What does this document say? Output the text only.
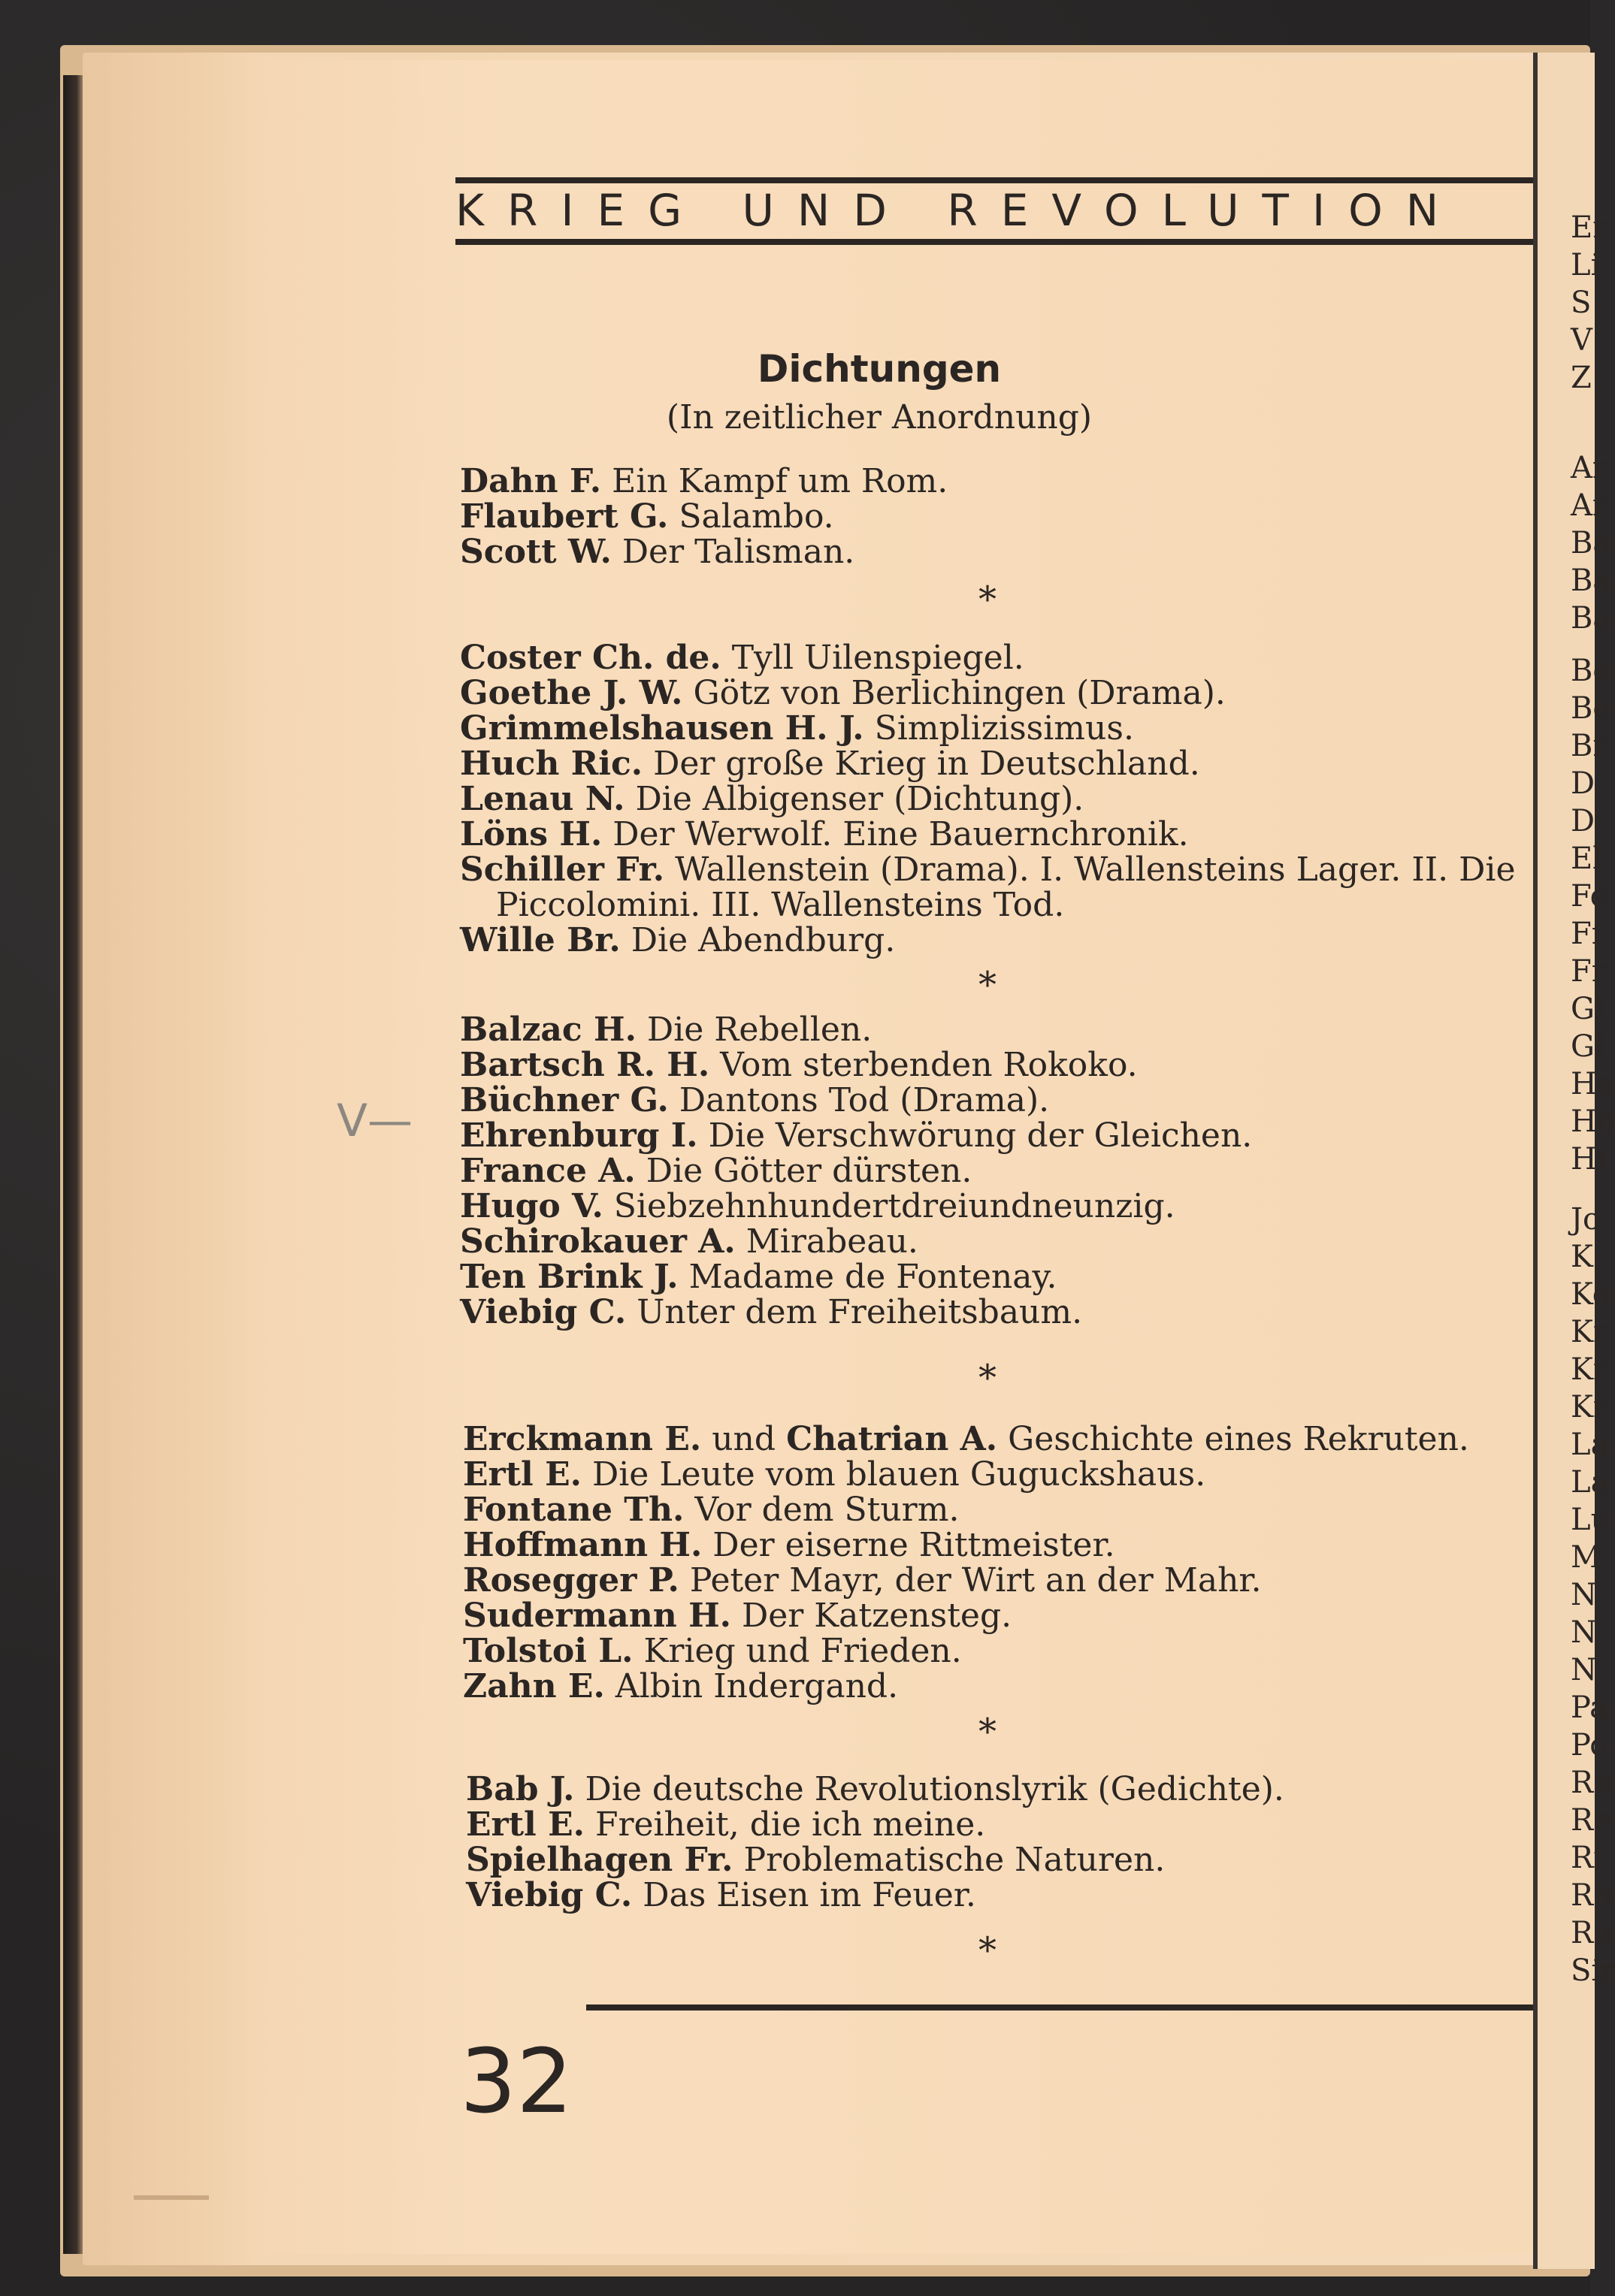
Er
Li
S
V
Z
Ar
Ar
Ba
Ba
Ba
Be
Be
Br
D
D
El
Fe
Fr
Fr
Gl
Gl
Ha
Ho
Hi
Jo
K
Kö
Kr
Kr
Kr
La
La
Lu
M
N
N
N
Pa
Po
Re
Re
Ri
Ro
Ro
Sir
KRIEG UND REVOLUTION
Dichtungen
(In zeitlicher Anordnung)
Dahn F. Ein Kampf um Rom.
Flaubert G. Salambo.
Scott W. Der Talisman.
*
Coster Ch. de. Tyll Uilenspiegel.
Goethe J. W. Götz von Berlichingen (Drama).
Grimmelshausen H. J. Simplizissimus.
Huch Ric. Der große Krieg in Deutschland.
Lenau N. Die Albigenser (Dichtung).
Löns H. Der Werwolf. Eine Bauernchronik.
Schiller Fr. Wallenstein (Drama). I. Wallensteins Lager. II. Die
Piccolomini. III. Wallensteins Tod.
Wille Br. Die Abendburg.
*
Balzac H. Die Rebellen.
Bartsch R. H. Vom sterbenden Rokoko.
Büchner G. Dantons Tod (Drama).
Ehrenburg I. Die Verschwörung der Gleichen.
France A. Die Götter dürsten.
Hugo V. Siebzehnhundertdreiundneunzig.
Schirokauer A. Mirabeau.
Ten Brink J. Madame de Fontenay.
Viebig C. Unter dem Freiheitsbaum.
*
Erckmann E. und Chatrian A. Geschichte eines Rekruten.
Ertl E. Die Leute vom blauen Guguckshaus.
Fontane Th. Vor dem Sturm.
Hoffmann H. Der eiserne Rittmeister.
Rosegger P. Peter Mayr, der Wirt an der Mahr.
Sudermann H. Der Katzensteg.
Tolstoi L. Krieg und Frieden.
Zahn E. Albin Indergand.
*
Bab J. Die deutsche Revolutionslyrik (Gedichte).
Ertl E. Freiheit, die ich meine.
Spielhagen Fr. Problematische Naturen.
Viebig C. Das Eisen im Feuer.
*
V—
32
